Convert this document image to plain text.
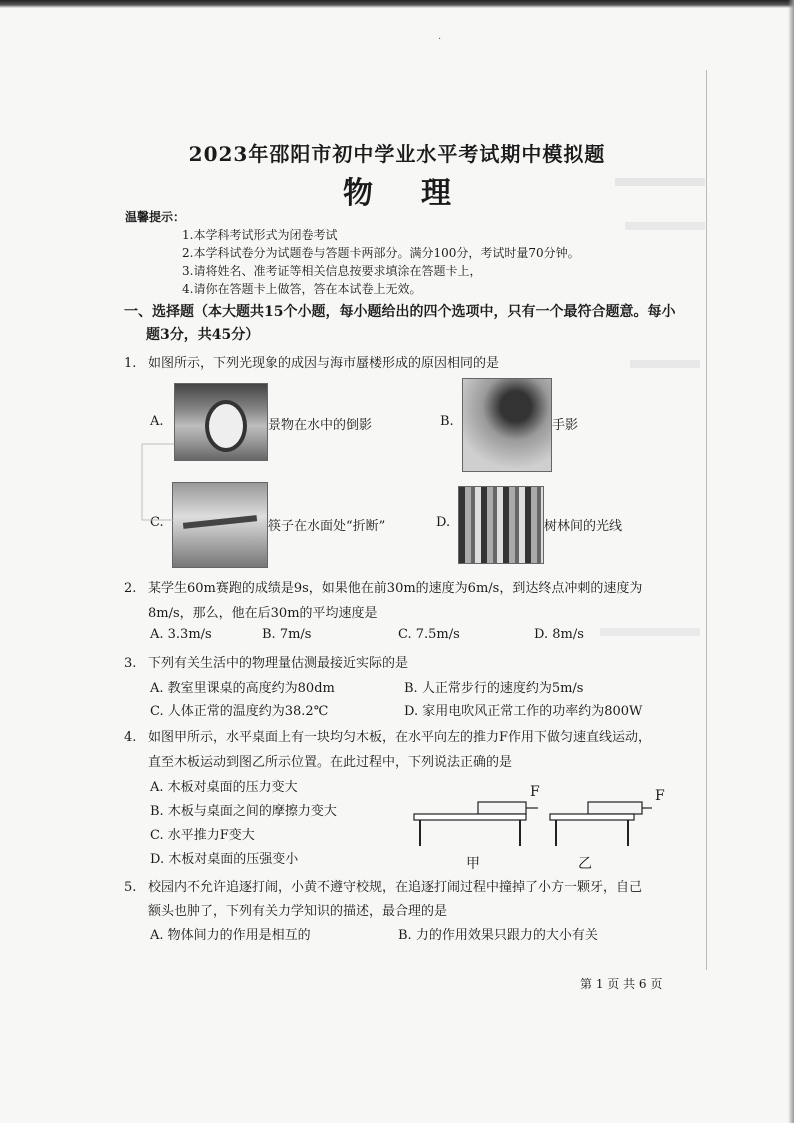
·
2023年邵阳市初中学业水平考试期中模拟题
物理
温馨提示：
1.本学科考试形式为闭卷考试
2.本学科试卷分为试题卷与答题卡两部分。满分100分，考试时量70分钟。
3.请将姓名、准考证等相关信息按要求填涂在答题卡上，
4.请你在答题卡上做答，答在本试卷上无效。
一、选择题（本大题共15个小题，每小题给出的四个选项中，只有一个最符合题意。每小
题3分，共45分）
1. 如图所示，下列光现象的成因与海市蜃楼形成的原因相同的是
A.	景物在水中的倒影	B.	手影
C.	筷子在水面处“折断”	D.	树林间的光线
2. 某学生60m赛跑的成绩是9s，如果他在前30m的速度为6m/s，到达终点冲刺的速度为
8m/s，那么，他在后30m的平均速度是
A. 3.3m/s	B. 7m/s	C. 7.5m/s	D. 8m/s
3. 下列有关生活中的物理量估测最接近实际的是
A. 教室里课桌的高度约为80dm	B. 人正常步行的速度约为5m/s
C. 人体正常的温度约为38.2℃	D. 家用电吹风正常工作的功率约为800W
4. 如图甲所示，水平桌面上有一块均匀木板，在水平向左的推力F作用下做匀速直线运动，
直至木板运动到图乙所示位置。在此过程中，下列说法正确的是
A. 木板对桌面的压力变大
B. 木板与桌面之间的摩擦力变大
C. 水平推力F变大
D. 木板对桌面的压强变小
F	F
甲	乙
5. 校园内不允许追逐打闹，小黄不遵守校规，在追逐打闹过程中撞掉了小方一颗牙，自己
额头也肿了，下列有关力学知识的描述，最合理的是
A. 物体间力的作用是相互的	B. 力的作用效果只跟力的大小有关
第 1 页 共 6 页
